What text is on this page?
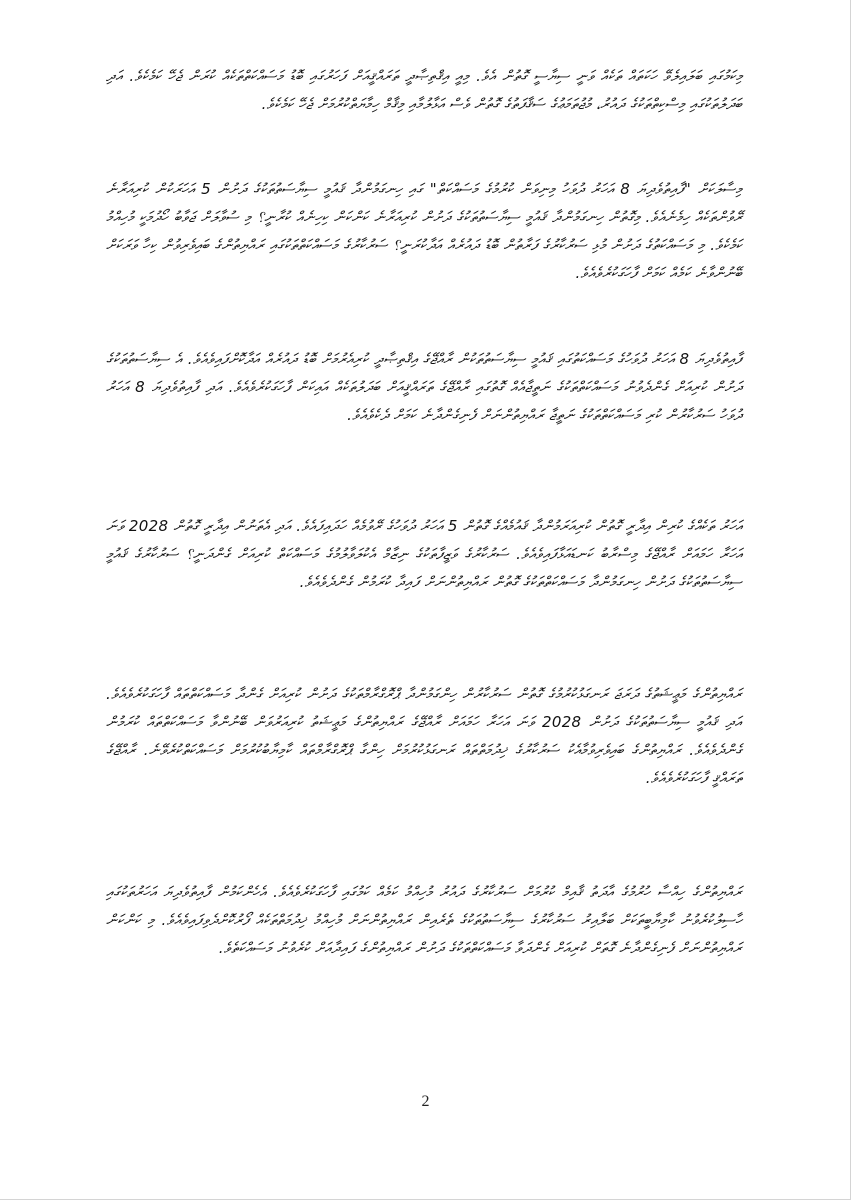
މިކަމުގައި ބަލައިލެވޭ ހަކަތައް ތަކެއް ވަނީ ސިޔާސީ ގޮތުން އެވެ. މިއީ އިޤްތިޞާދީ ތަރައްޤީއަށް ފަހަރުގައި ބޮޑު މަސައްކަތްތަކެއް ކުރަން ޖެހޭ ކަމެކެވެ. އަދި ބަދަލުތަކުގައި މިސްކިތްތަކުގެ ދައުރު، މުޖުތަމަޢުގެ ސަޤާފަތުގެ ގޮތުން ވެސް އަޅާލުމާއި މިޤާމް ހިމާޔަތްކުރުމަށް ޖެހޭ ކަމެކެވެ.
މިސާލަކަށް "ފާއިތުވެދިޔަ 8 އަހަރު ދުވަހު މިނިވަން ކުރުމުގެ މަސައްކަތް" ގައި ހިނގަމުންދާ ޤައުމީ ސިޔާސަތުތަކުގެ ދަށުން 5 އަހަރަކުން ކުރިއަރާނެ ރޭވުންތަކެއް ހިމެނެއެވެ. މިގޮތުން ހިނގަމުންދާ ޤައުމީ ސިޔާސަތުތަކުގެ ދަށުން ކުރިއަރާނެ ކަންކަން ކިހިނެއް ކުރާނީ؟ މި ސުވާލަށް ޖަވާބު ހޯދުމަކީ މުހިއްމު ކަމެކެވެ. މި މަސައްކަތުގެ ދަށުން މުޅި ސަރުކާރުގެ ފަރާތުން ބޮޑު ދައުރެއް އަދާކުރަނީ؟ ސަރުކާރުގެ މަސައްކަތްތަކުގައި ރައްޔިތުންގެ ބައިވެރިވުން ކިހާ ވަރަކަށް ބޭނުންވާނެ ކަމެއް ކަމަށް ފާހަގަކުރެވެއެވެ.
ފާއިތުވެދިޔަ 8 އަހަރު ދުވަހުގެ މަސައްކަތުގައި ޤައުމީ ސިޔާސަތުތަކުން ރާއްޖޭގެ އިޤްތިޞާދީ ކުރިއެރުމަށް ބޮޑު ދައުރެއް އަދާކޮށްފައިވެއެވެ. އެ ސިޔާސަތުތަކުގެ ދަށުން ކުރިއަށް ގެންދެވުނު މަސައްކަތްތަކުގެ ނަތީޖާއެއް ގޮތުގައި ރާއްޖޭގެ ތަރައްޤީއަށް ބަދަލުތަކެއް އައިކަން ފާހަގަކުރެވެއެވެ. އަދި ފާއިތުވެދިޔަ 8 އަހަރު ދުވަހު ސަރުކާރުން ކުރި މަސައްކަތްތަކުގެ ނަތީޖާ ރައްޔިތުންނަށް ފެނިގެންދާނެ ކަމަށް ދެކެވެއެވެ.
އަހަރު ތަކެއްގެ ކުރިން އިދާރީ ގޮތުން ކުރިއަރަމުންދާ ޤައުމެއްގެ ގޮތުން 5 އަހަރު ދުވަހުގެ ރޭވުމެއް ހަދައިފައެވެ. އަދި އެތަނުން އިދާރީ ގޮތުން 2028 ވަނަ އަހަރާ ހަމައަށް ރާއްޖޭގެ މިސްރާބު ކަނޑައަޅާފައިވެއެވެ. ސަރުކާރުގެ ވަޒީފާތަކުގެ ނިޒާމް އެކުލަވާލުމުގެ މަސައްކަތް ކުރިއަށް ގެންދަނީ؟ ސަރުކާރުގެ ޤައުމީ ސިޔާސަތުތަކުގެ ދަށުން ހިނގަމުންދާ މަސައްކަތްތަކުގެ ގޮތުން ރައްޔިތުންނަށް ފައިދާ ކުރަމުން ގެންދެވެއެވެ.
ރައްޔިތުންގެ މަޢީޝަތުގެ ދަރަޖަ ރަނގަޅުކުރުމުގެ ގޮތުން ސަރުކާރުން ހިންގަމުންދާ ޕްރޮގްރާމްތަކުގެ ދަށުން ކުރިއަށް ގެންދާ މަސައްކަތްތައް ފާހަގަކުރެވެއެވެ. އަދި ޤައުމީ ސިޔާސަތުތަކުގެ ދަށުން 2028 ވަނަ އަހަރާ ހަމައަށް ރާއްޖޭގެ ރައްޔިތުންގެ މަޢީޝަތު ކުރިއަރުވަން ބޭނުންވާ މަސައްކަތްތައް ކުރަމުން ގެންދެވެއެވެ. ރައްޔިތުންގެ ބައިވެރިވުމާއެކު ސަރުކާރުގެ ޚިދުމަތްތައް ރަނގަޅުކުރުމަށް ހިންގާ ޕްރޮގްރާމްތައް ކާމިޔާބުކުރުމަށް މަސައްކަތްކުރެވޭނެ. ރާއްޖޭގެ ތަރައްޤީ ފާހަގަކުރެވެއެވެ.
ރައްޔިތުންގެ ހިއްސާ ހުރުމުގެ އާދަތު ޤާއިމް ކުރުމަށް ސަރުކާރުގެ ދައުރު މުހިއްމު ކަމެއް ކަމުގައި ފާހަގަކުރެވެއެވެ. އެހެންކަމުން ފާއިތުވެދިޔަ އަހަރުތަކުގައި ހާސިލުކުރެވުނު ކާމިޔާބީތަކަށް ބަލާއިރު ސަރުކާރުގެ ސިޔާސަތުތަކުގެ ތެރެއިން ރައްޔިތުންނަށް މުހިއްމު ޚިދުމަތްތަކެއް ފޯރުކޮށްދެވިފައިވެއެވެ. މި ކަންކަން ރައްޔިތުންނަށް ފެނިގެންދާނެ ގޮތަށް ކުރިއަށް ގެންދަވާ މަސައްކަތްތަކުގެ ދަށުން ރައްޔިތުންގެ ފައިދާއަށް ކުރެވުނު މަސައްކަތެވެ.
2
